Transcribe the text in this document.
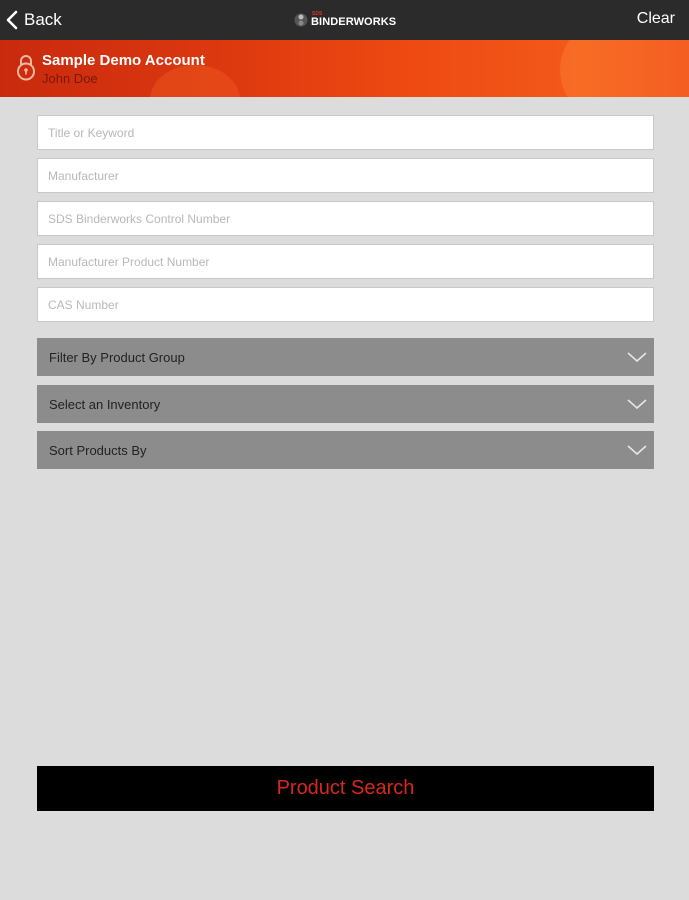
Back	SDS
BINDERWORKS	Clear
Sample Demo Account
John Doe
Title or Keyword
Manufacturer
SDS Binderworks Control Number
Manufacturer Product Number
CAS Number
Filter By Product Group
Select an Inventory
Sort Products By
Product Search
